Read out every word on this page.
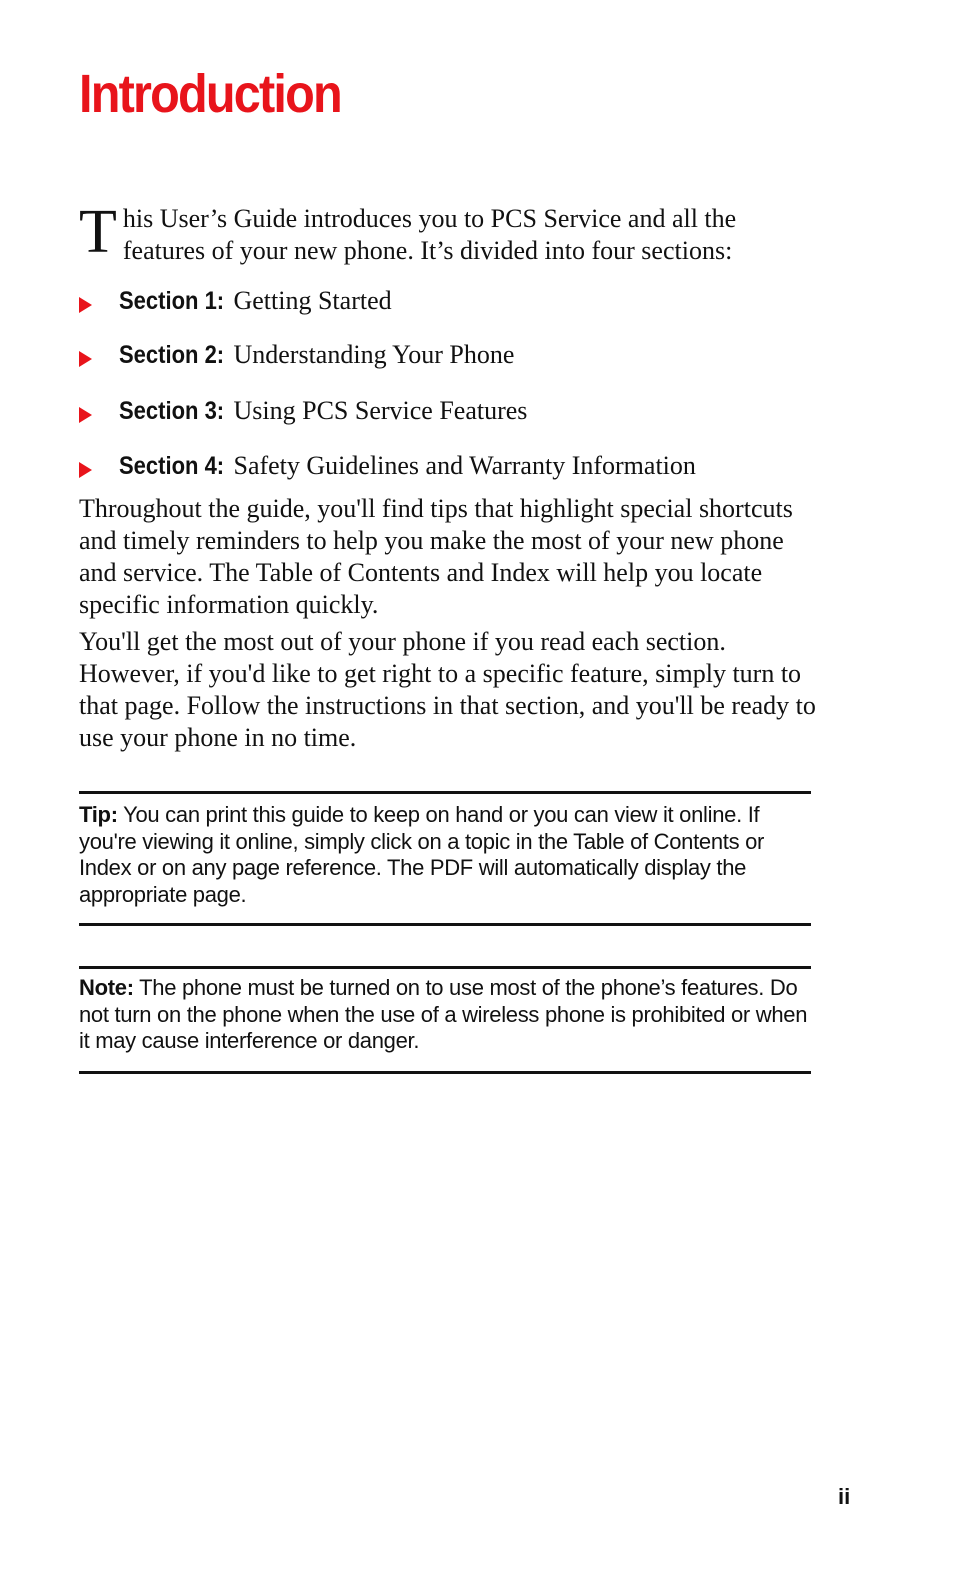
Introduction
T his User’s Guide introduces you to PCS Service and all the features of your new phone. It’s divided into four sections:
Section 1: Getting Started
Section 2: Understanding Your Phone
Section 3: Using PCS Service Features
Section 4: Safety Guidelines and Warranty Information

Throughout the guide, you'll find tips that highlight special shortcuts and timely reminders to help you make the most of your new phone and service. The Table of Contents and Index will help you locate specific information quickly.

You'll get the most out of your phone if you read each section. However, if you'd like to get right to a specific feature, simply turn to that page. Follow the instructions in that section, and you'll be ready to use your phone in no time.

Tip: You can print this guide to keep on hand or you can view it online. If you're viewing it online, simply click on a topic in the Table of Contents or Index or on any page reference. The PDF will automatically display the appropriate page.

Note: The phone must be turned on to use most of the phone’s features. Do not turn on the phone when the use of a wireless phone is prohibited or when it may cause interference or danger.

ii
